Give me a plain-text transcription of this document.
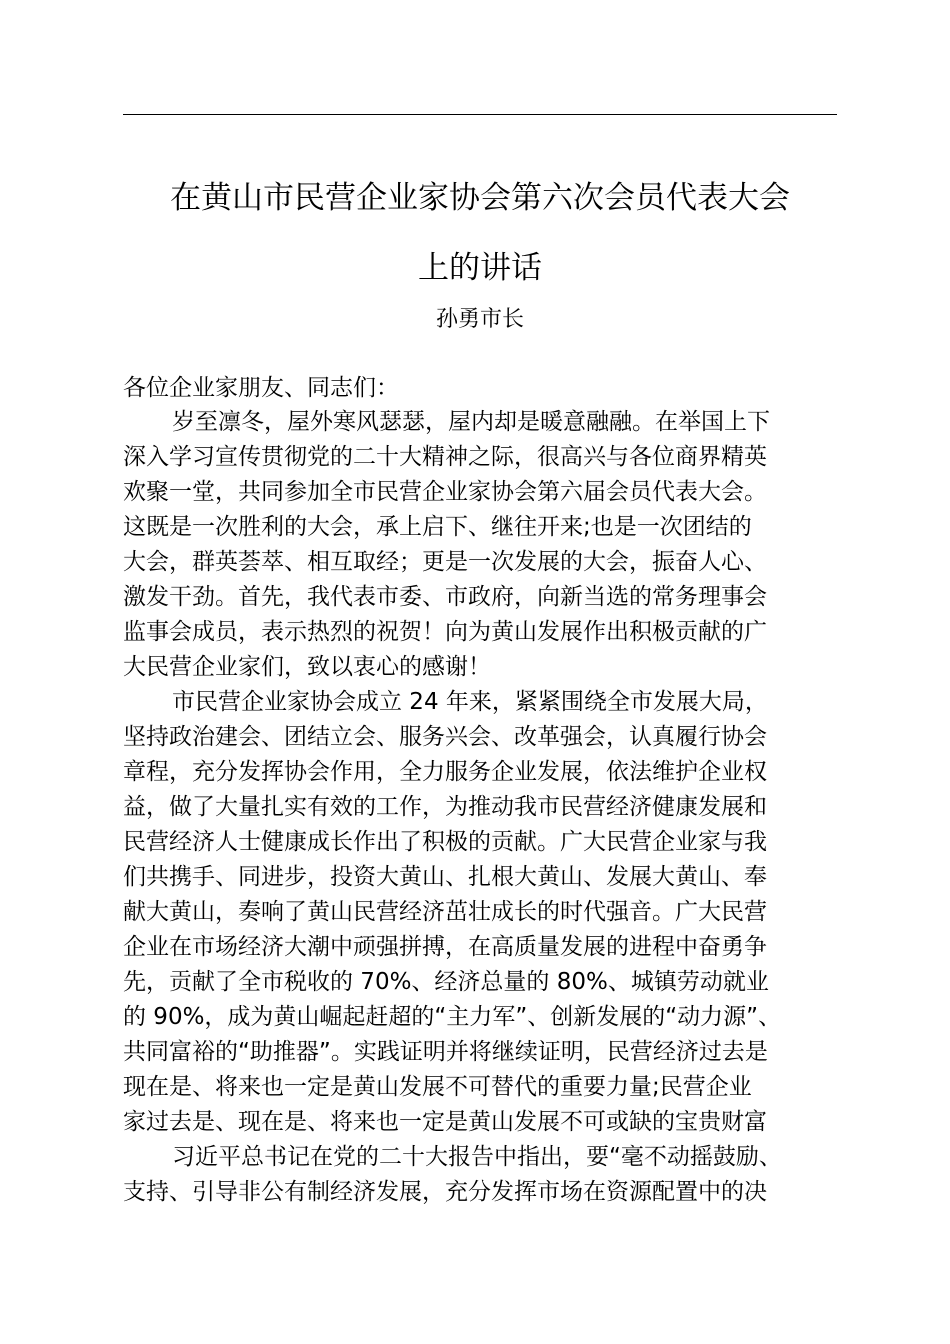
在黄山市民营企业家协会第六次会员代表大会
上的讲话
孙勇市长
各位企业家朋友、同志们：
岁至凛冬，屋外寒风瑟瑟，屋内却是暖意融融。在举国上下
深入学习宣传贯彻党的二十大精神之际，很高兴与各位商界精英
欢聚一堂，共同参加全市民营企业家协会第六届会员代表大会。
这既是一次胜利的大会，承上启下、继往开来;也是一次团结的
大会，群英荟萃、相互取经；更是一次发展的大会，振奋人心、
激发干劲。首先，我代表市委、市政府，向新当选的常务理事会
监事会成员，表示热烈的祝贺！向为黄山发展作出积极贡献的广
大民营企业家们，致以衷心的感谢！
市民营企业家协会成立 24 年来，紧紧围绕全市发展大局，
坚持政治建会、团结立会、服务兴会、改革强会，认真履行协会
章程，充分发挥协会作用，全力服务企业发展，依法维护企业权
益，做了大量扎实有效的工作，为推动我市民营经济健康发展和
民营经济人士健康成长作出了积极的贡献。广大民营企业家与我
们共携手、同进步，投资大黄山、扎根大黄山、发展大黄山、奉
献大黄山，奏响了黄山民营经济茁壮成长的时代强音。广大民营
企业在市场经济大潮中顽强拼搏，在高质量发展的进程中奋勇争
先，贡献了全市税收的 70%、经济总量的 80%、城镇劳动就业
的 90%，成为黄山崛起赶超的“主力军”、创新发展的“动力源”、
共同富裕的“助推器”。实践证明并将继续证明，民营经济过去是
现在是、将来也一定是黄山发展不可替代的重要力量;民营企业
家过去是、现在是、将来也一定是黄山发展不可或缺的宝贵财富
习近平总书记在党的二十大报告中指出，要“毫不动摇鼓励、
支持、引导非公有制经济发展，充分发挥市场在资源配置中的决
